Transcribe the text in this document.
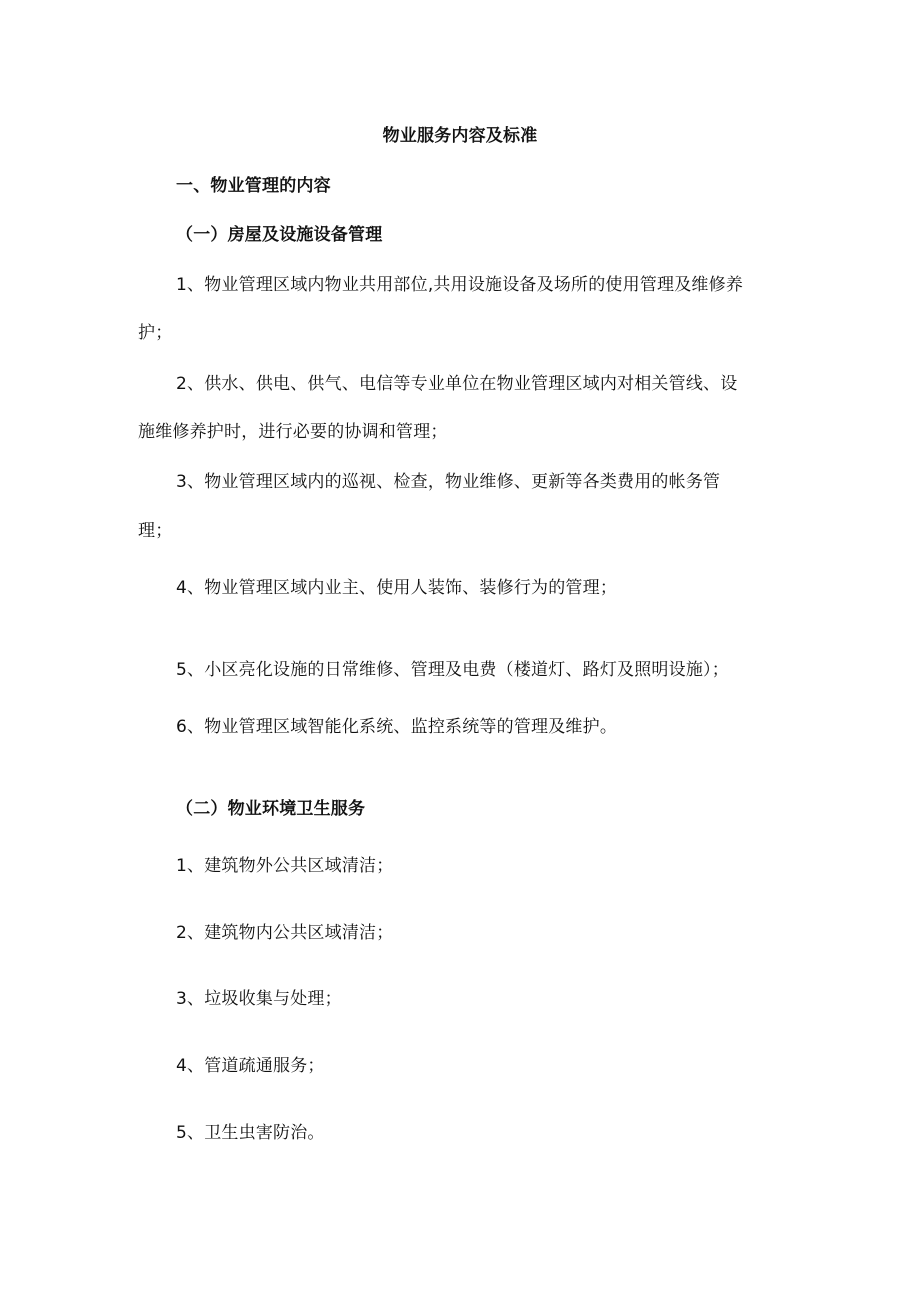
物业服务内容及标准
一、物业管理的内容
（一）房屋及设施设备管理
1、物业管理区域内物业共用部位,共用设施设备及场所的使用管理及维修养
护；
2、供水、供电、供气、电信等专业单位在物业管理区域内对相关管线、设
施维修养护时，进行必要的协调和管理；
3、物业管理区域内的巡视、检查，物业维修、更新等各类费用的帐务管
理；
4、物业管理区域内业主、使用人装饰、装修行为的管理；
5、小区亮化设施的日常维修、管理及电费（楼道灯、路灯及照明设施）；
6、物业管理区域智能化系统、监控系统等的管理及维护。
（二）物业环境卫生服务
1、建筑物外公共区域清洁；
2、建筑物内公共区域清洁；
3、垃圾收集与处理；
4、管道疏通服务；
5、卫生虫害防治。
